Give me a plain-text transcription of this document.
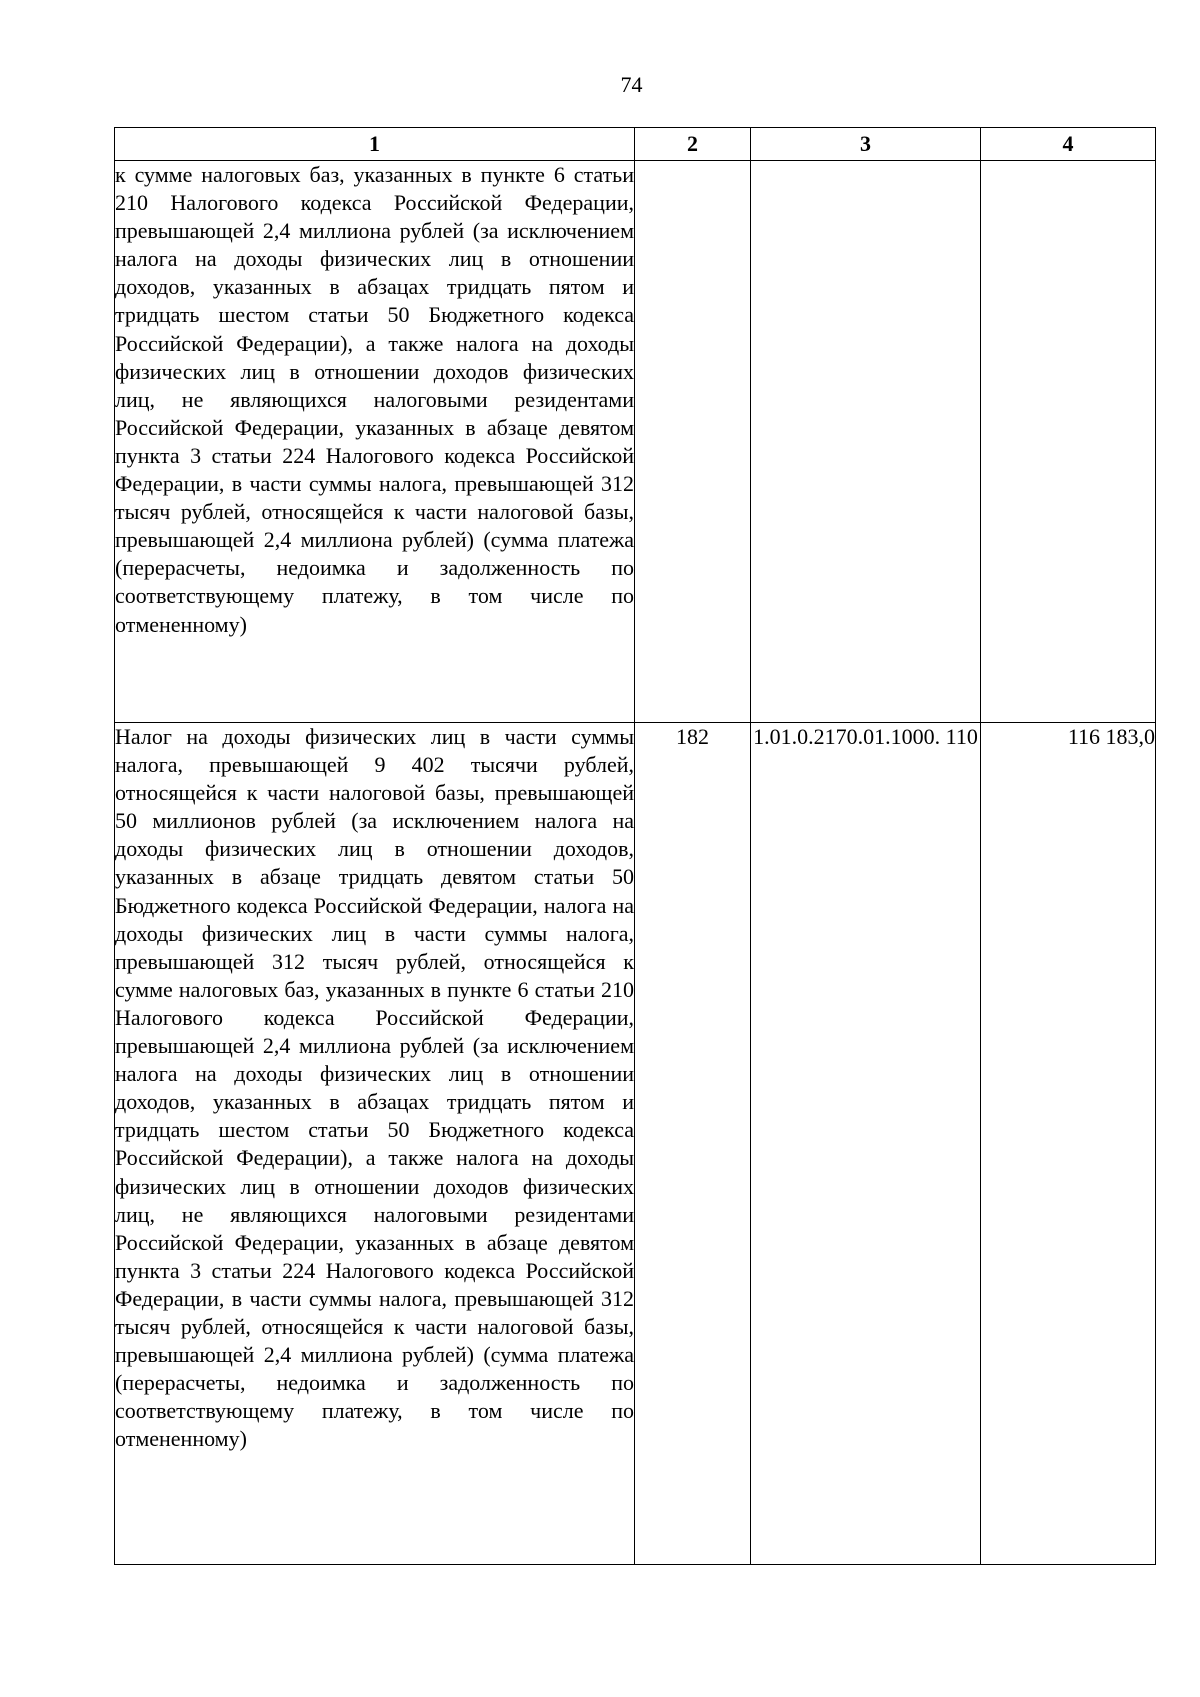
74
1	2	3	4

к сумме налоговых баз, указанных в пункте 6 статьи 210 Налогового кодекса Российской Федерации, превышающей 2,4 миллиона рублей (за исключением налога на доходы физических лиц в отношении доходов, указанных в абзацах тридцать пятом и тридцать шестом статьи 50 Бюджетного кодекса Российской Федерации), а также налога на доходы физических лиц в отношении доходов физических лиц, не являющихся налоговыми резидентами Российской Федерации, указанных в абзаце девятом пункта 3 статьи 224 Налогового кодекса Российской Федерации, в части суммы налога, превышающей 312 тысяч рублей, относящейся к части налоговой базы, превышающей 2,4 миллиона рублей) (сумма платежа (перерасчеты, недоимка и задолженность по соответствующему платежу, в том числе по отмененному)			

Налог на доходы физических лиц в части суммы налога, превышающей 9 402 тысячи рублей, относящейся к части налоговой базы, превышающей 50 миллионов рублей (за исключением налога на доходы физических лиц в отношении доходов, указанных в абзаце тридцать девятом статьи 50 Бюджетного кодекса Российской Федерации, налога на доходы физических лиц в части суммы налога, превышающей 312 тысяч рублей, относящейся к сумме налоговых баз, указанных в пункте 6 статьи 210 Налогового кодекса Российской Федерации, превышающей 2,4 миллиона рублей (за исключением налога на доходы физических лиц в отношении доходов, указанных в абзацах тридцать пятом и тридцать шестом статьи 50 Бюджетного кодекса Российской Федерации), а также налога на доходы физических лиц в отношении доходов физических лиц, не являющихся налоговыми резидентами Российской Федерации, указанных в абзаце девятом пункта 3 статьи 224 Налогового кодекса Российской Федерации, в части суммы налога, превышающей 312 тысяч рублей, относящейся к части налоговой базы, превышающей 2,4 миллиона рублей) (сумма платежа (перерасчеты, недоимка и задолженность по соответствующему платежу, в том числе по отмененному)	182	1.01.0.2170.01.1000. 110	116 183,0
